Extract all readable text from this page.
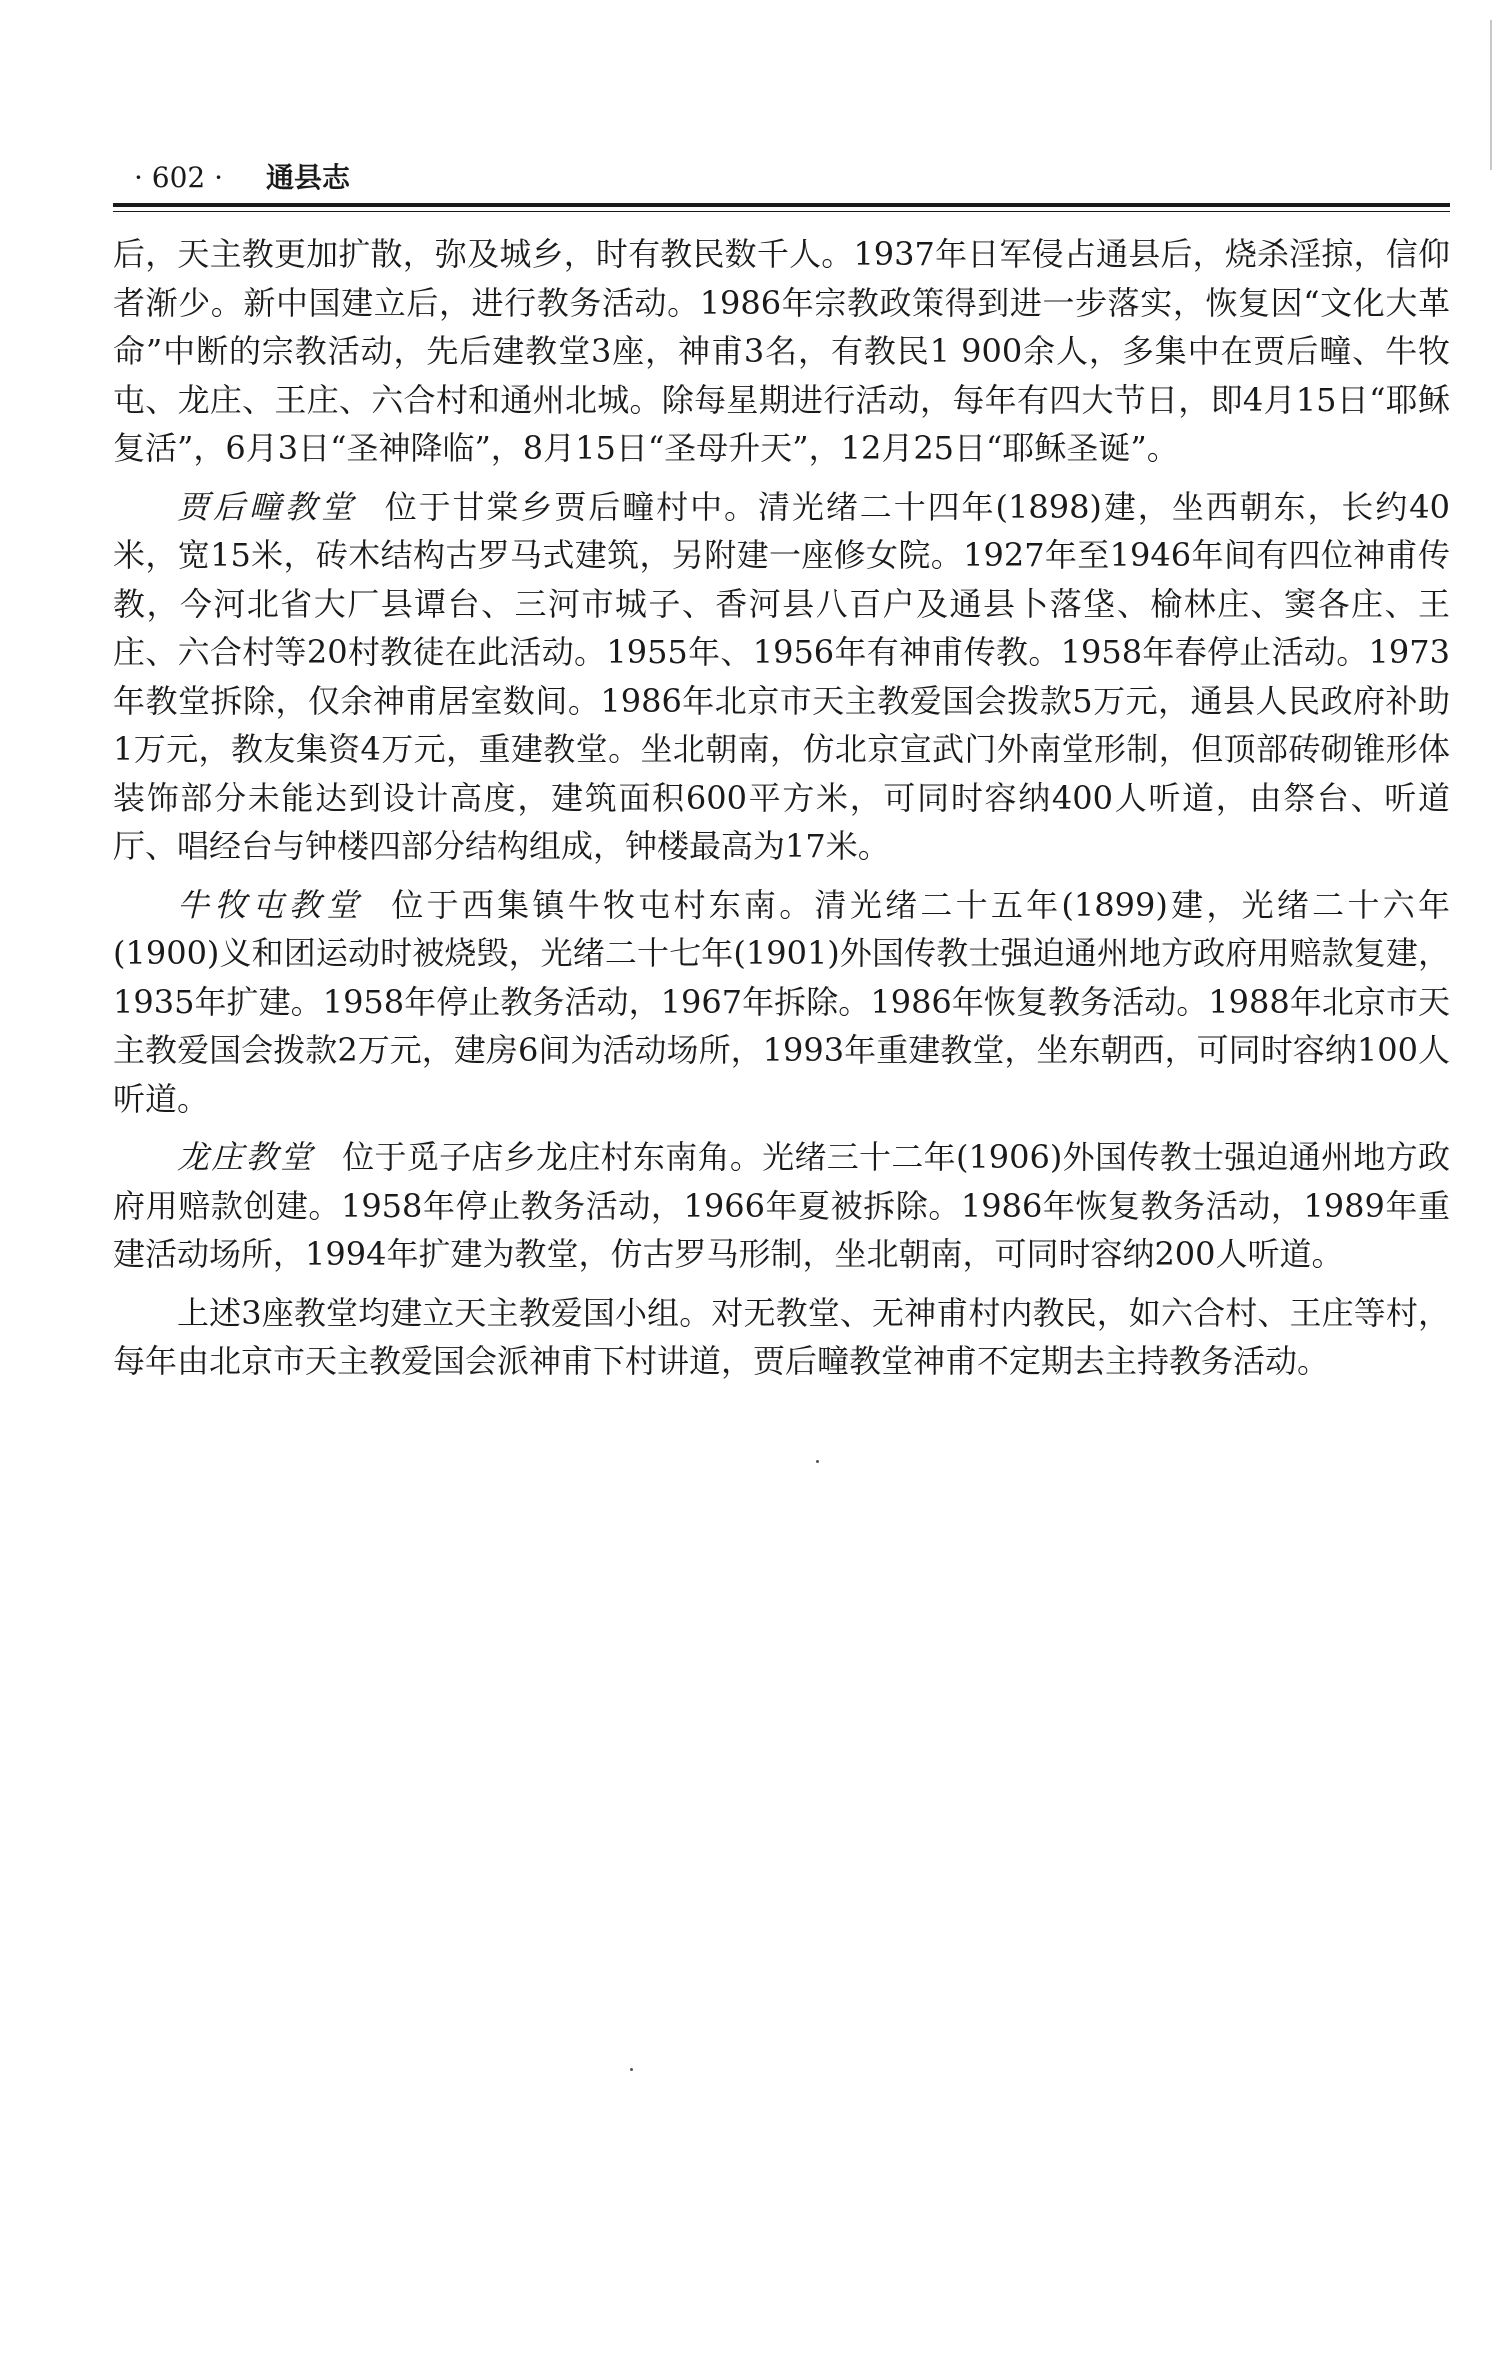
· 602 · 通县志

后，天主教更加扩散，弥及城乡，时有教民数千人。1937年日军侵占通县后，烧杀淫掠，信仰者渐少。新中国建立后，进行教务活动。1986年宗教政策得到进一步落实，恢复因“文化大革命”中断的宗教活动，先后建教堂3座，神甫3名，有教民1 900余人，多集中在贾后疃、牛牧屯、龙庄、王庄、六合村和通州北城。除每星期进行活动，每年有四大节日，即4月15日“耶稣复活”，6月3日“圣神降临”，8月15日“圣母升天”，12月25日“耶稣圣诞”。

贾后疃教堂 位于甘棠乡贾后疃村中。清光绪二十四年(1898)建，坐西朝东，长约40米，宽15米，砖木结构古罗马式建筑，另附建一座修女院。1927年至1946年间有四位神甫传教，今河北省大厂县谭台、三河市城子、香河县八百户及通县卜落垡、榆林庄、窦各庄、王庄、六合村等20村教徒在此活动。1955年、1956年有神甫传教。1958年春停止活动。1973年教堂拆除，仅余神甫居室数间。1986年北京市天主教爱国会拨款5万元，通县人民政府补助1万元，教友集资4万元，重建教堂。坐北朝南，仿北京宣武门外南堂形制，但顶部砖砌锥形体装饰部分未能达到设计高度，建筑面积600平方米，可同时容纳400人听道，由祭台、听道厅、唱经台与钟楼四部分结构组成，钟楼最高为17米。

牛牧屯教堂 位于西集镇牛牧屯村东南。清光绪二十五年(1899)建，光绪二十六年(1900)义和团运动时被烧毁，光绪二十七年(1901)外国传教士强迫通州地方政府用赔款复建，1935年扩建。1958年停止教务活动，1967年拆除。1986年恢复教务活动。1988年北京市天主教爱国会拨款2万元，建房6间为活动场所，1993年重建教堂，坐东朝西，可同时容纳100人听道。

龙庄教堂 位于觅子店乡龙庄村东南角。光绪三十二年(1906)外国传教士强迫通州地方政府用赔款创建。1958年停止教务活动，1966年夏被拆除。1986年恢复教务活动，1989年重建活动场所，1994年扩建为教堂，仿古罗马形制，坐北朝南，可同时容纳200人听道。

上述3座教堂均建立天主教爱国小组。对无教堂、无神甫村内教民，如六合村、王庄等村，每年由北京市天主教爱国会派神甫下村讲道，贾后疃教堂神甫不定期去主持教务活动。
